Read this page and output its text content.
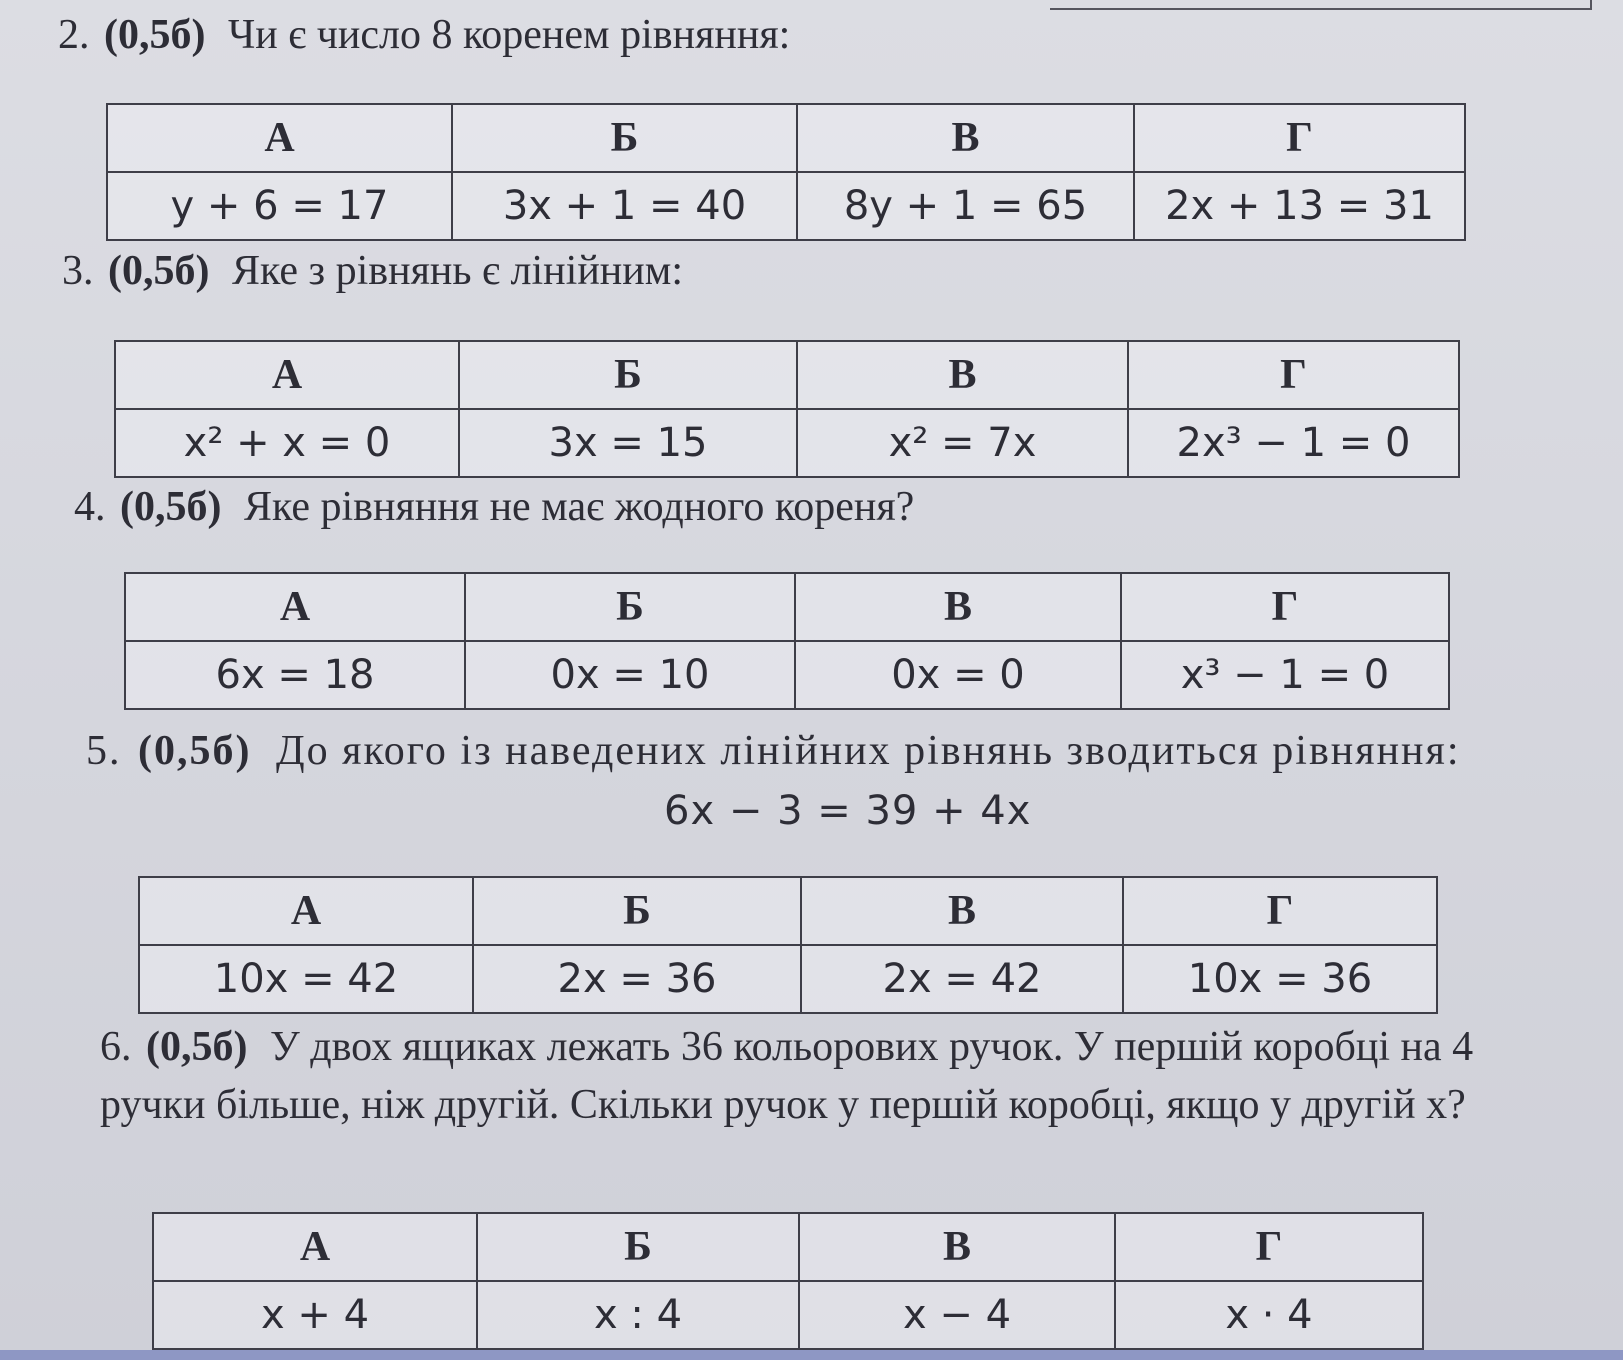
2. (0,5б) Чи є число 8 коренем рівняння:
А	Б	В	Г
y + 6 = 17	3x + 1 = 40	8y + 1 = 65	2x + 13 = 31
3. (0,5б) Яке з рівнянь є лінійним:
А	Б	В	Г
x² + x = 0	3x = 15	x² = 7x	2x³ − 1 = 0
4. (0,5б) Яке рівняння не має жодного кореня?
А	Б	В	Г
6x = 18	0x = 10	0x = 0	x³ − 1 = 0
5. (0,5б) До якого із наведених лінійних рівнянь зводиться рівняння:
6x − 3 = 39 + 4x
А	Б	В	Г
10x = 42	2x = 36	2x = 42	10x = 36
6. (0,5б) У двох ящиках лежать 36 кольорових ручок. У першій коробці на 4 ручки більше, ніж другій. Скільки ручок у першій коробці, якщо у другій x?
А	Б	В	Г
x + 4	x : 4	x − 4	x · 4
